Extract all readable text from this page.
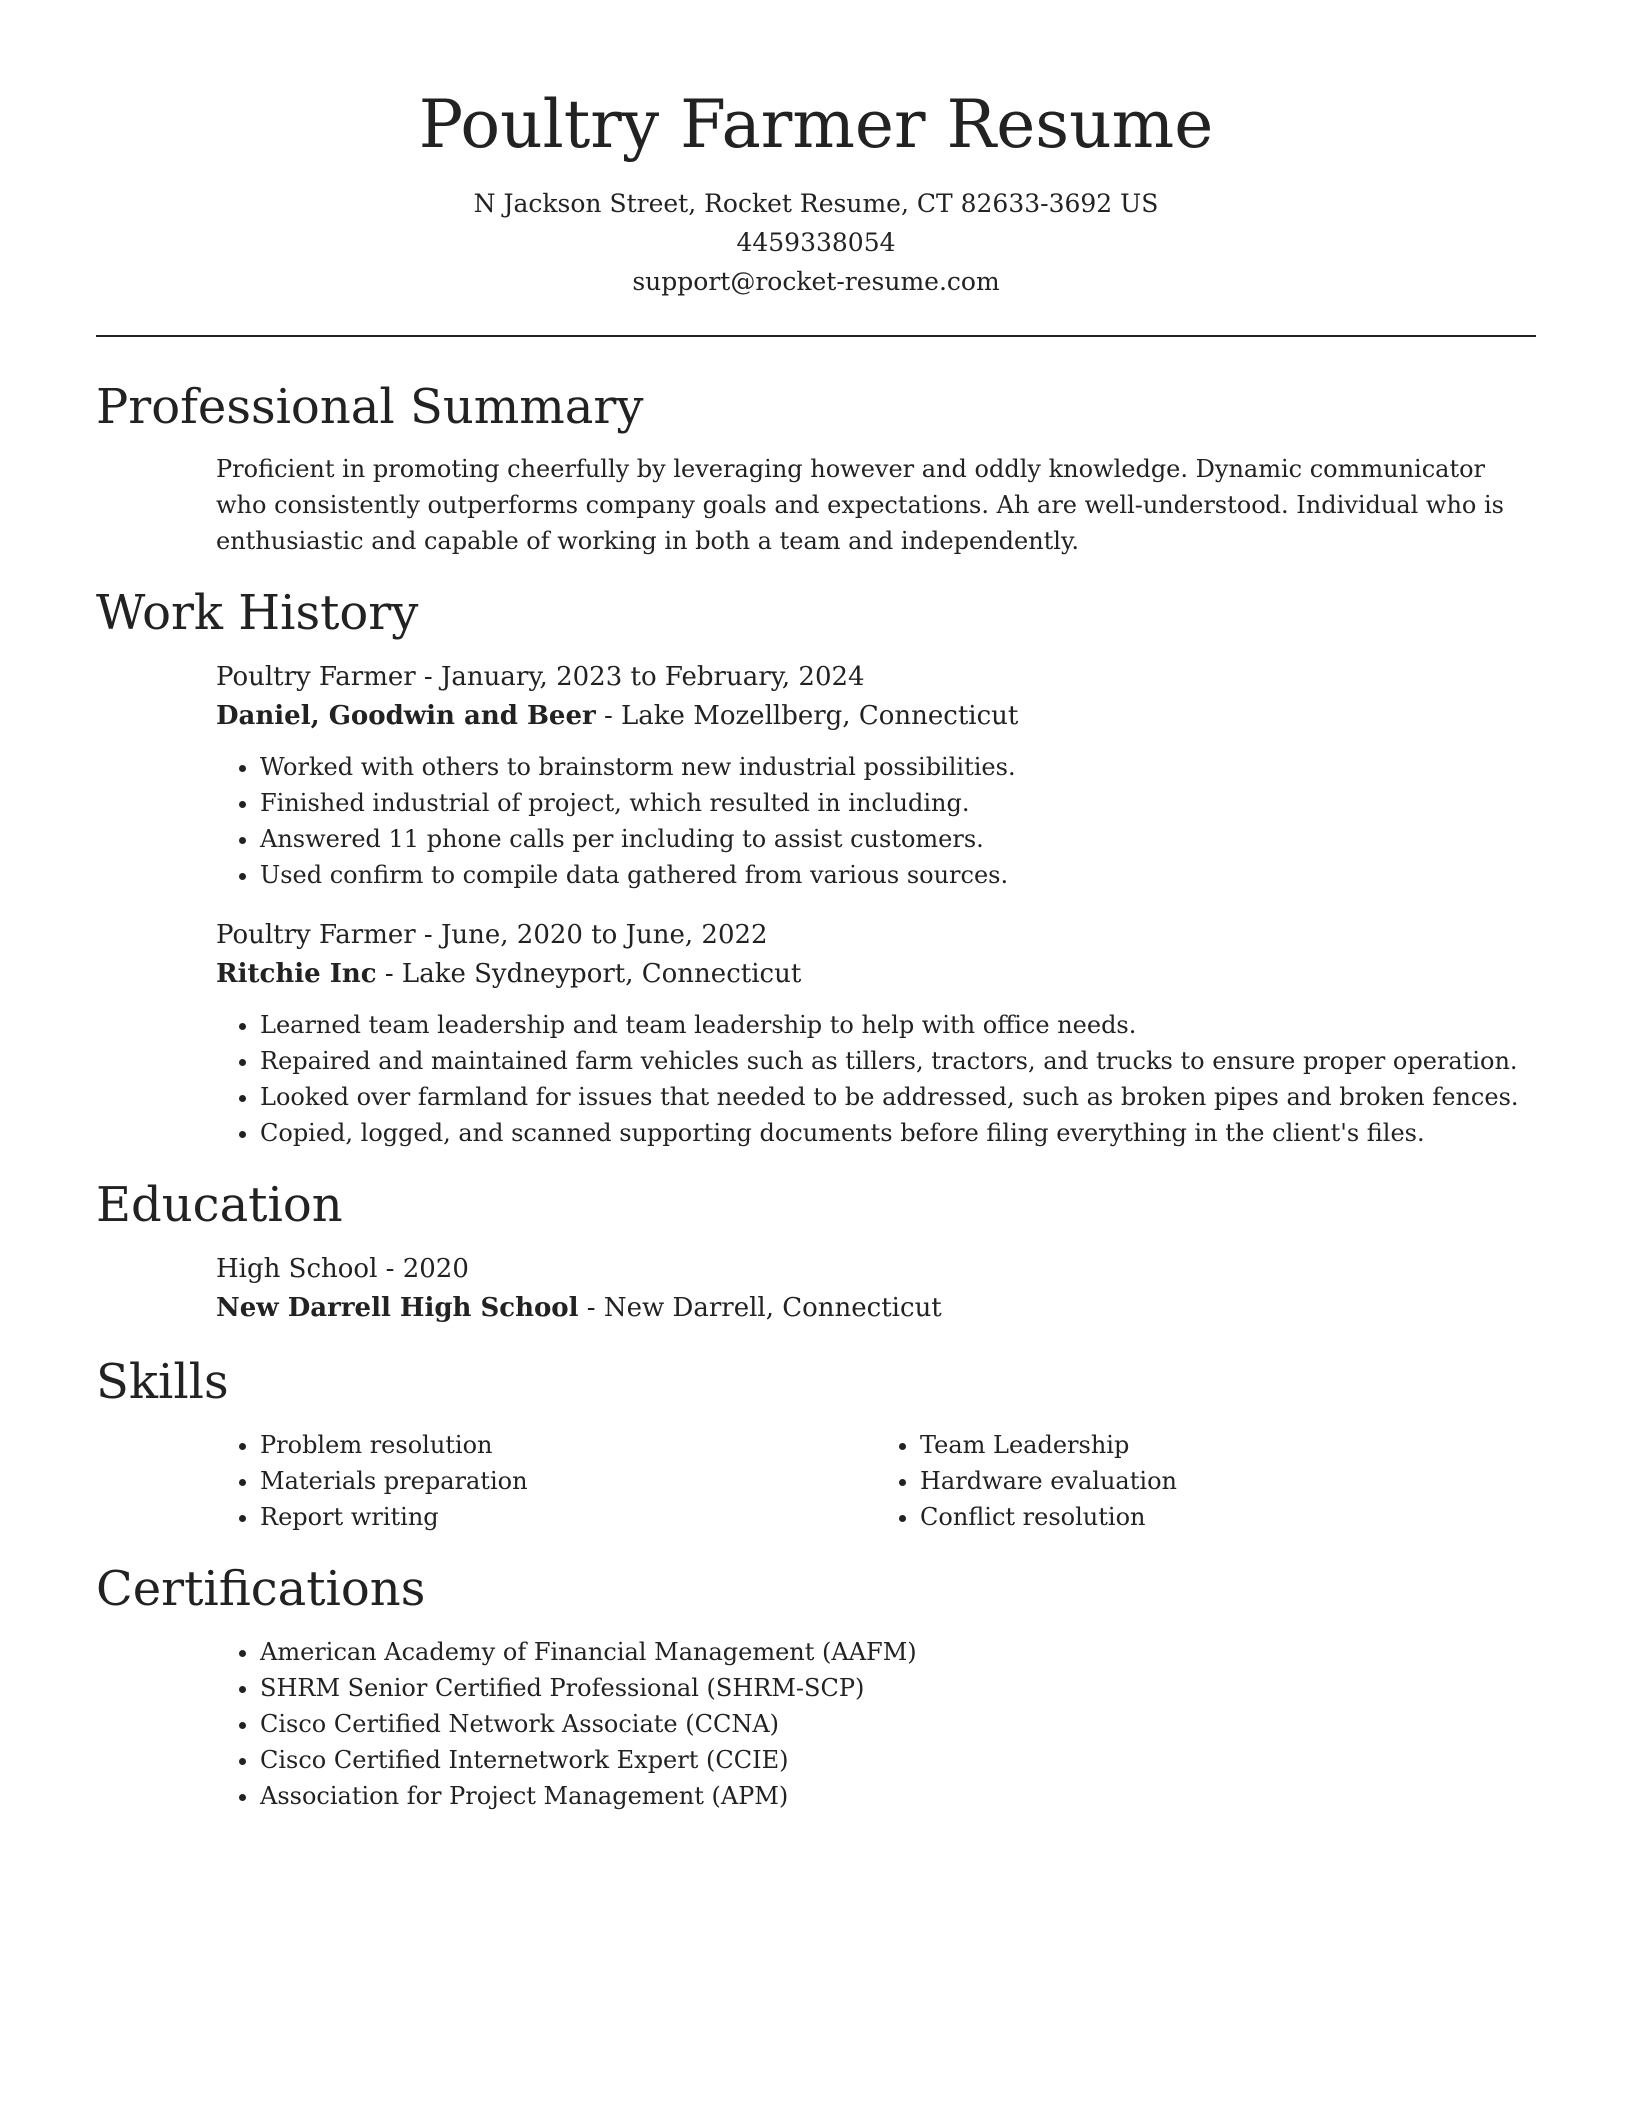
Poultry Farmer Resume
N Jackson Street, Rocket Resume, CT 82633-3692 US
4459338054
support@rocket-resume.com
Professional Summary

Proficient in promoting cheerfully by leveraging however and oddly knowledge. Dynamic communicator who consistently outperforms company goals and expectations. Ah are well-understood. Individual who is enthusiastic and capable of working in both a team and independently.

Work History
Poultry Farmer - January, 2023 to February, 2024
Daniel, Goodwin and Beer - Lake Mozellberg, Connecticut
• Worked with others to brainstorm new industrial possibilities.
• Finished industrial of project, which resulted in including.
• Answered 11 phone calls per including to assist customers.
• Used confirm to compile data gathered from various sources.
Poultry Farmer - June, 2020 to June, 2022
Ritchie Inc - Lake Sydneyport, Connecticut
• Learned team leadership and team leadership to help with office needs.
• Repaired and maintained farm vehicles such as tillers, tractors, and trucks to ensure proper operation.
• Looked over farmland for issues that needed to be addressed, such as broken pipes and broken fences.
• Copied, logged, and scanned supporting documents before filing everything in the client's files.
Education
High School - 2020
New Darrell High School - New Darrell, Connecticut
Skills
• Problem resolution
• Materials preparation
• Report writing
• Team Leadership
• Hardware evaluation
• Conflict resolution
Certifications
• American Academy of Financial Management (AAFM)
• SHRM Senior Certified Professional (SHRM-SCP)
• Cisco Certified Network Associate (CCNA)
• Cisco Certified Internetwork Expert (CCIE)
• Association for Project Management (APM)
